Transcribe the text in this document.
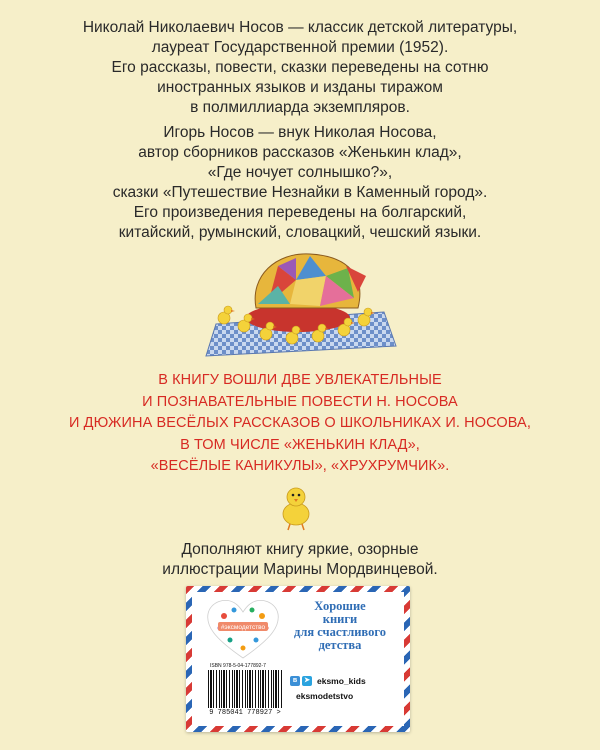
Николай Николаевич Носов — классик детской литературы,
лауреат Государственной премии (1952).
Его рассказы, повести, сказки переведены на сотню
иностранных языков и изданы тиражом
в полмиллиарда экземпляров.
Игорь Носов — внук Николая Носова,
автор сборников рассказов «Женькин клад»,
«Где ночует солнышко?»,
сказки «Путешествие Незнайки в Каменный город».
Его произведения переведены на болгарский,
китайский, румынский, словацкий, чешский языки.
В КНИГУ ВОШЛИ ДВЕ УВЛЕКАТЕЛЬНЫЕ
И ПОЗНАВАТЕЛЬНЫЕ ПОВЕСТИ Н. НОСОВА
И ДЮЖИНА ВЕСЁЛЫХ РАССКАЗОВ О ШКОЛЬНИКАХ И. НОСОВА,
В ТОМ ЧИСЛЕ «ЖЕНЬКИН КЛАД»,
«ВЕСЁЛЫЕ КАНИКУЛЫ», «ХРУХРУМЧИК».
Дополняют книгу яркие, озорные
иллюстрации Марины Мордвинцевой.
#эксмодетство
Хорошие
книги
для счастливого
детства
ISBN 978-5-04-177892-7
9 785041 778927 >
в ➤ eksmo_kids
eksmodetstvo
